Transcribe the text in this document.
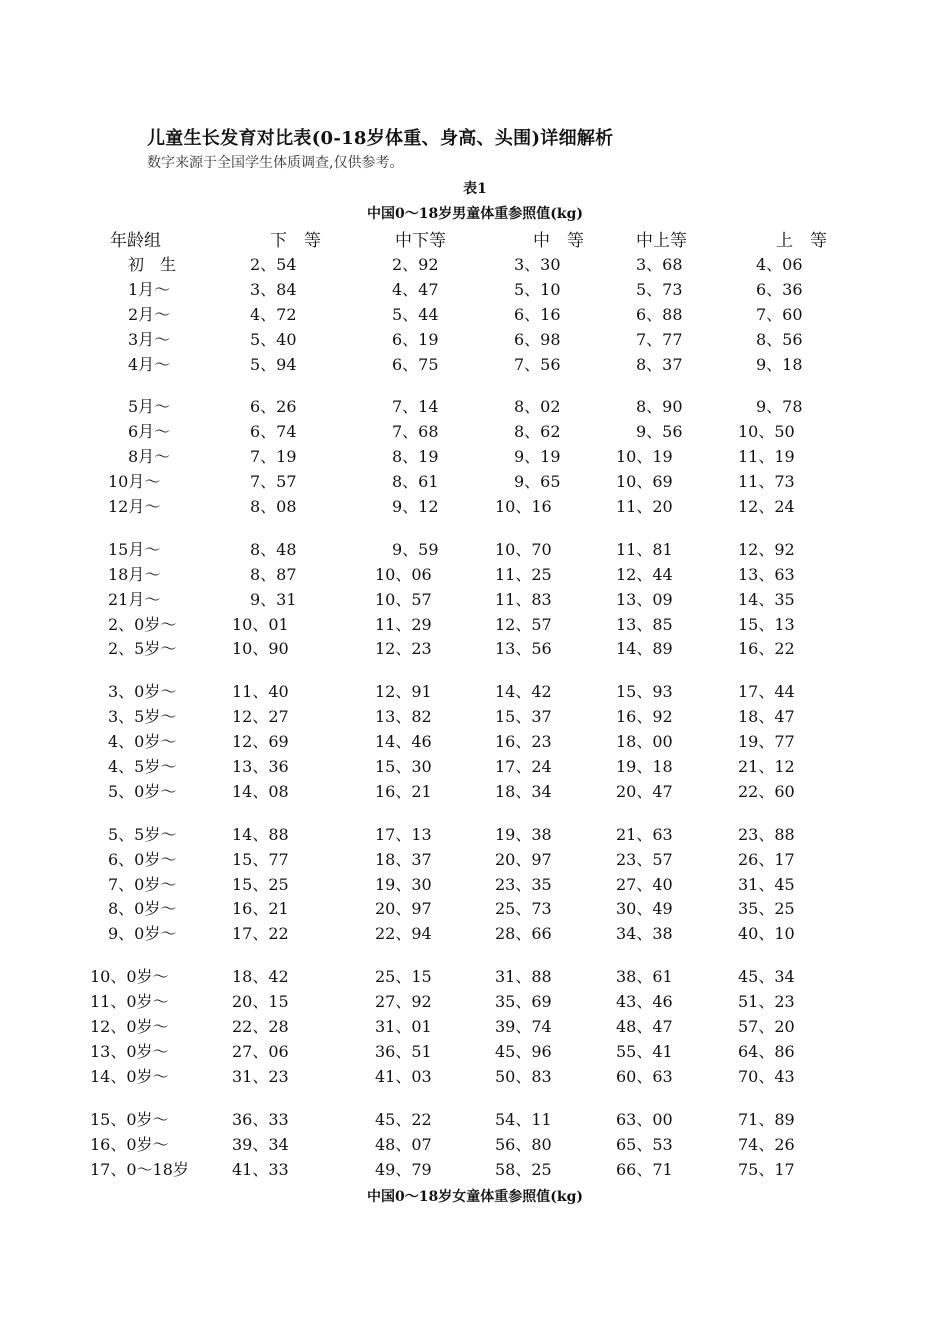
儿童生长发育对比表(0-18岁体重、身高、头围)详细解析
数字来源于全国学生体质调查,仅供参考。
表1
中国0～18岁男童体重参照值(kg)
年龄组	下　等	中下等	中　等	中上等	上　等
初　生	2、54	2、92	3、30	3、68	4、06
1月～	3、84	4、47	5、10	5、73	6、36
2月～	4、72	5、44	6、16	6、88	7、60
3月～	5、40	6、19	6、98	7、77	8、56
4月～	5、94	6、75	7、56	8、37	9、18
5月～	6、26	7、14	8、02	8、90	9、78
6月～	6、74	7、68	8、62	9、56	10、50
8月～	7、19	8、19	9、19	10、19	11、19
10月～	7、57	8、61	9、65	10、69	11、73
12月～	8、08	9、12	10、16	11、20	12、24
15月～	8、48	9、59	10、70	11、81	12、92
18月～	8、87	10、06	11、25	12、44	13、63
21月～	9、31	10、57	11、83	13、09	14、35
2、0岁～	10、01	11、29	12、57	13、85	15、13
2、5岁～	10、90	12、23	13、56	14、89	16、22
3、0岁～	11、40	12、91	14、42	15、93	17、44
3、5岁～	12、27	13、82	15、37	16、92	18、47
4、0岁～	12、69	14、46	16、23	18、00	19、77
4、5岁～	13、36	15、30	17、24	19、18	21、12
5、0岁～	14、08	16、21	18、34	20、47	22、60
5、5岁～	14、88	17、13	19、38	21、63	23、88
6、0岁～	15、77	18、37	20、97	23、57	26、17
7、0岁～	15、25	19、30	23、35	27、40	31、45
8、0岁～	16、21	20、97	25、73	30、49	35、25
9、0岁～	17、22	22、94	28、66	34、38	40、10
10、0岁～	18、42	25、15	31、88	38、61	45、34
11、0岁～	20、15	27、92	35、69	43、46	51、23
12、0岁～	22、28	31、01	39、74	48、47	57、20
13、0岁～	27、06	36、51	45、96	55、41	64、86
14、0岁～	31、23	41、03	50、83	60、63	70、43
15、0岁～	36、33	45、22	54、11	63、00	71、89
16、0岁～	39、34	48、07	56、80	65、53	74、26
17、0～18岁	41、33	49、79	58、25	66、71	75、17
中国0～18岁女童体重参照值(kg)
